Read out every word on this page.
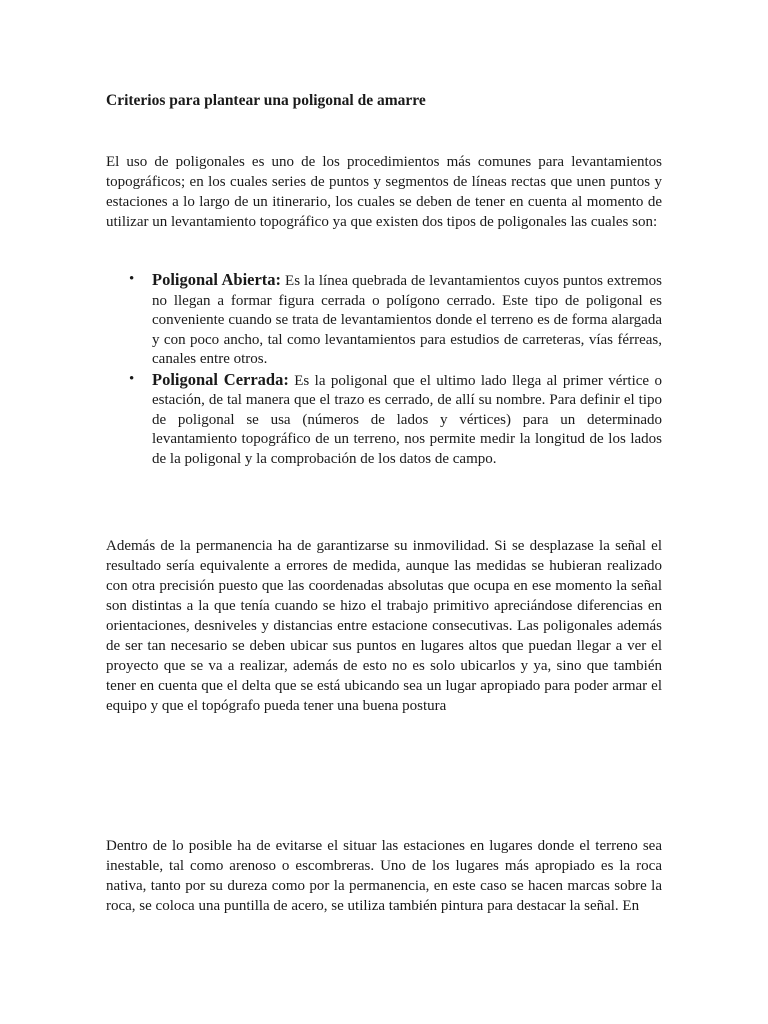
Criterios para plantear una poligonal de amarre

El uso de poligonales es uno de los procedimientos más comunes para levantamientos topográficos; en los cuales series de puntos y segmentos de líneas rectas que unen puntos y estaciones a lo largo de un itinerario, los cuales se deben de tener en cuenta al momento de utilizar un levantamiento topográfico ya que existen dos tipos de poligonales las cuales son:

• Poligonal Abierta: Es la línea quebrada de levantamientos cuyos puntos extremos no llegan a formar figura cerrada o polígono cerrado. Este tipo de poligonal es conveniente cuando se trata de levantamientos donde el terreno es de forma alargada y con poco ancho, tal como levantamientos para estudios de carreteras, vías férreas, canales entre otros.
• Poligonal Cerrada: Es la poligonal que el ultimo lado llega al primer vértice o estación, de tal manera que el trazo es cerrado, de allí su nombre. Para definir el tipo de poligonal se usa (números de lados y vértices) para un determinado levantamiento topográfico de un terreno, nos permite medir la longitud de los lados de la poligonal y la comprobación de los datos de campo.

Además de la permanencia ha de garantizarse su inmovilidad. Si se desplazase la señal el resultado sería equivalente a errores de medida, aunque las medidas se hubieran realizado con otra precisión puesto que las coordenadas absolutas que ocupa en ese momento la señal son distintas a la que tenía cuando se hizo el trabajo primitivo apreciándose diferencias en orientaciones, desniveles y distancias entre estacione consecutivas. Las poligonales además de ser tan necesario se deben ubicar sus puntos en lugares altos que puedan llegar a ver el proyecto que se va a realizar, además de esto no es solo ubicarlos y ya, sino que también tener en cuenta que el delta que se está ubicando sea un lugar apropiado para poder armar el equipo y que el topógrafo pueda tener una buena postura

Dentro de lo posible ha de evitarse el situar las estaciones en lugares donde el terreno sea inestable, tal como arenoso o escombreras. Uno de los lugares más apropiado es la roca nativa, tanto por su dureza como por la permanencia, en este caso se hacen marcas sobre la roca, se coloca una puntilla de acero, se utiliza también pintura para destacar la señal. En
